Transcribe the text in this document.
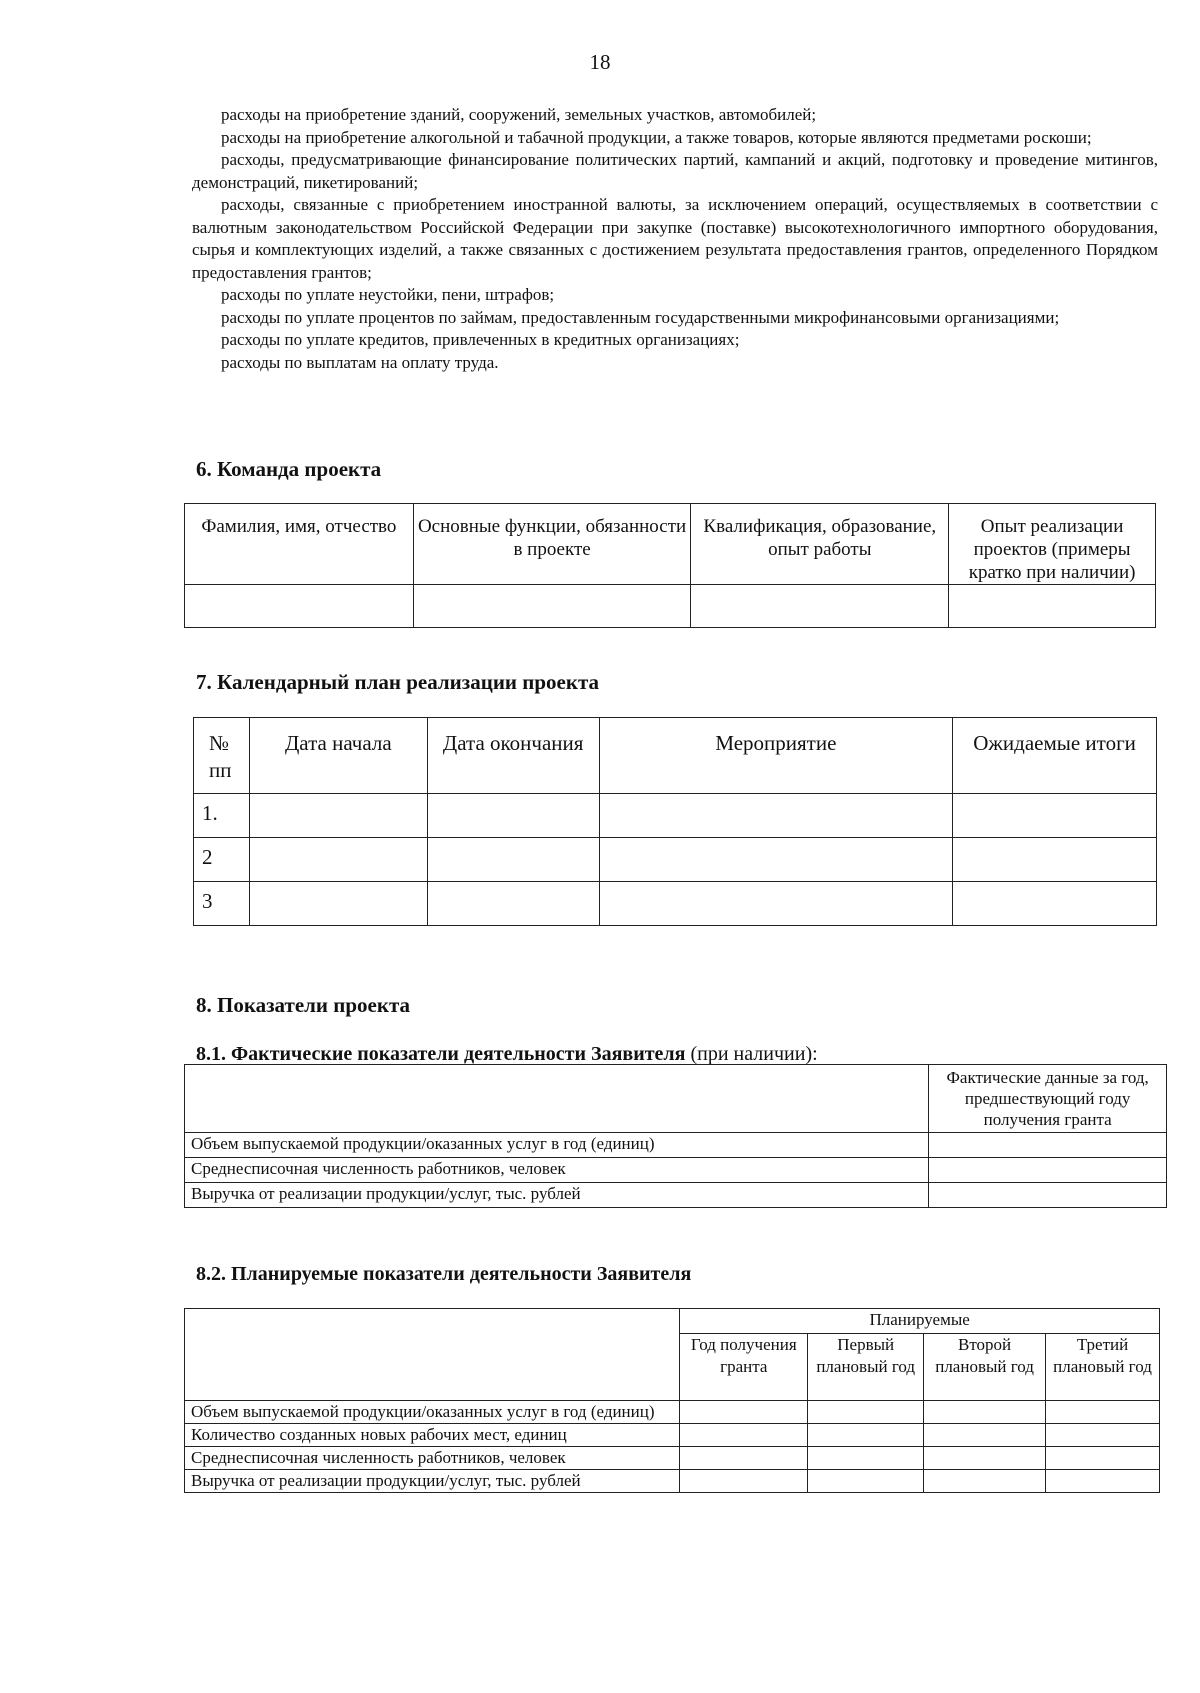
18

расходы на приобретение зданий, сооружений, земельных участков, автомобилей;

расходы на приобретение алкогольной и табачной продукции, а также товаров, которые являются предметами роскоши;

расходы, предусматривающие финансирование политических партий, кампаний и акций, подготовку и проведение митингов, демонстраций, пикетирований;

расходы, связанные с приобретением иностранной валюты, за исключением операций, осуществляемых в соответствии с валютным законодательством Российской Федерации при закупке (поставке) высокотехнологичного импортного оборудования, сырья и комплектующих изделий, а также связанных с достижением результата предоставления грантов, определенного Порядком предоставления грантов;

расходы по уплате неустойки, пени, штрафов;

расходы по уплате процентов по займам, предоставленным государственными микрофинансовыми организациями;

расходы по уплате кредитов, привлеченных в кредитных организациях;

расходы по выплатам на оплату труда.

6. Команда проекта
Фамилия, имя, отчество	Основные функции, обязанности в проекте	Квалификация, образование, опыт работы	Опыт реализации проектов (примеры кратко при наличии)

7. Календарный план реализации проекта
№ пп	Дата начала	Дата окончания	Мероприятие	Ожидаемые итоги
1.				
2				
3				
8. Показатели проекта
8.1. Фактические показатели деятельности Заявителя (при наличии):
	Фактические данные за год, предшествующий году получения гранта
Объем выпускаемой продукции/оказанных услуг в год (единиц)	
Среднесписочная численность работников, человек	
Выручка от реализации продукции/услуг, тыс. рублей	
8.2. Планируемые показатели деятельности Заявителя
	Планируемые			
	Год получения гранта	Первый плановый год	Второй плановый год	Третий плановый год
Объем выпускаемой продукции/оказанных услуг в год (единиц)				
Количество созданных новых рабочих мест, единиц				
Среднесписочная численность работников, человек				
Выручка от реализации продукции/услуг, тыс. рублей				
